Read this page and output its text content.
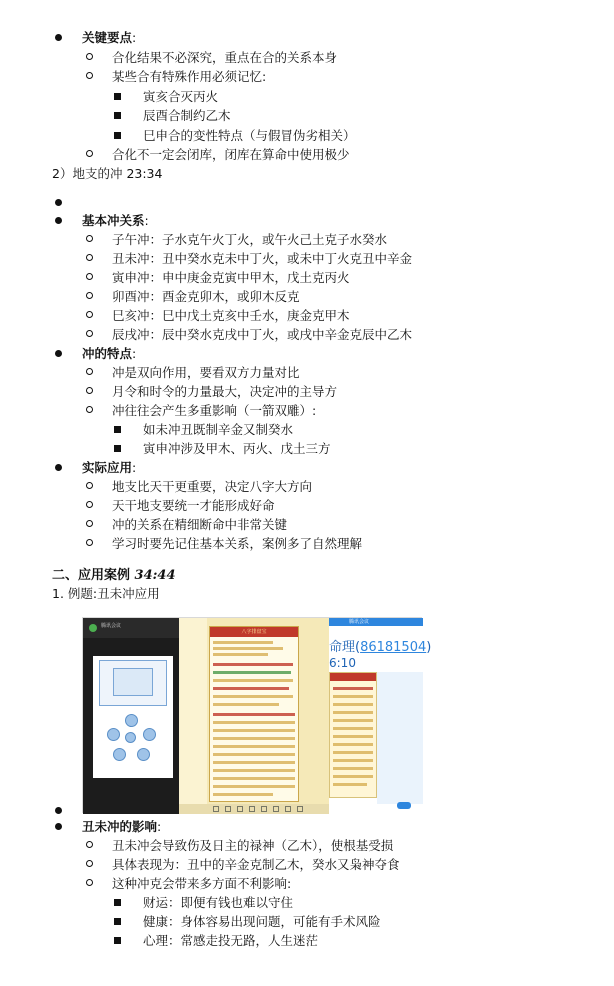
关键要点:
合化结果不必深究，重点在合的关系本身
某些合有特殊作用必须记忆:
寅亥合灭丙火
辰酉合制约乙木
巳申合的变性特点（与假冒伪劣相关）
合化不一定会闭库，闭库在算命中使用极少
2）地支的冲 23:34
基本冲关系:
子午冲：子水克午火丁火，或午火己土克子水癸水
丑未冲：丑中癸水克未中丁火，或未中丁火克丑中辛金
寅申冲：申中庚金克寅中甲木，戊土克丙火
卯酉冲：酉金克卯木，或卯木反克
巳亥冲：巳中戊土克亥中壬水，庚金克甲木
辰戌冲：辰中癸水克戌中丁火，或戌中辛金克辰中乙木
冲的特点:
冲是双向作用，要看双方力量对比
月令和时令的力量最大，决定冲的主导方
冲往往会产生多重影响（一箭双雕）:
如未冲丑既制辛金又制癸水
寅申冲涉及甲木、丙火、戊土三方
实际应用:
地支比天干更重要，决定八字大方向
天干地支要统一才能形成好命
冲的关系在精细断命中非常关键
学习时要先记住基本关系，案例多了自然理解
二、应用案例 34:44
1. 例题:丑未冲应用
腾讯会议
八字排盘宝
腾讯会议
命理(86181504)
6:10
丑未冲的影响:
丑未冲会导致伤及日主的禄神（乙木），使根基受损
具体表现为：丑中的辛金克制乙木，癸水又枭神夺食
这种冲克会带来多方面不利影响:
财运：即便有钱也难以守住
健康：身体容易出现问题，可能有手术风险
心理：常感走投无路，人生迷茫
